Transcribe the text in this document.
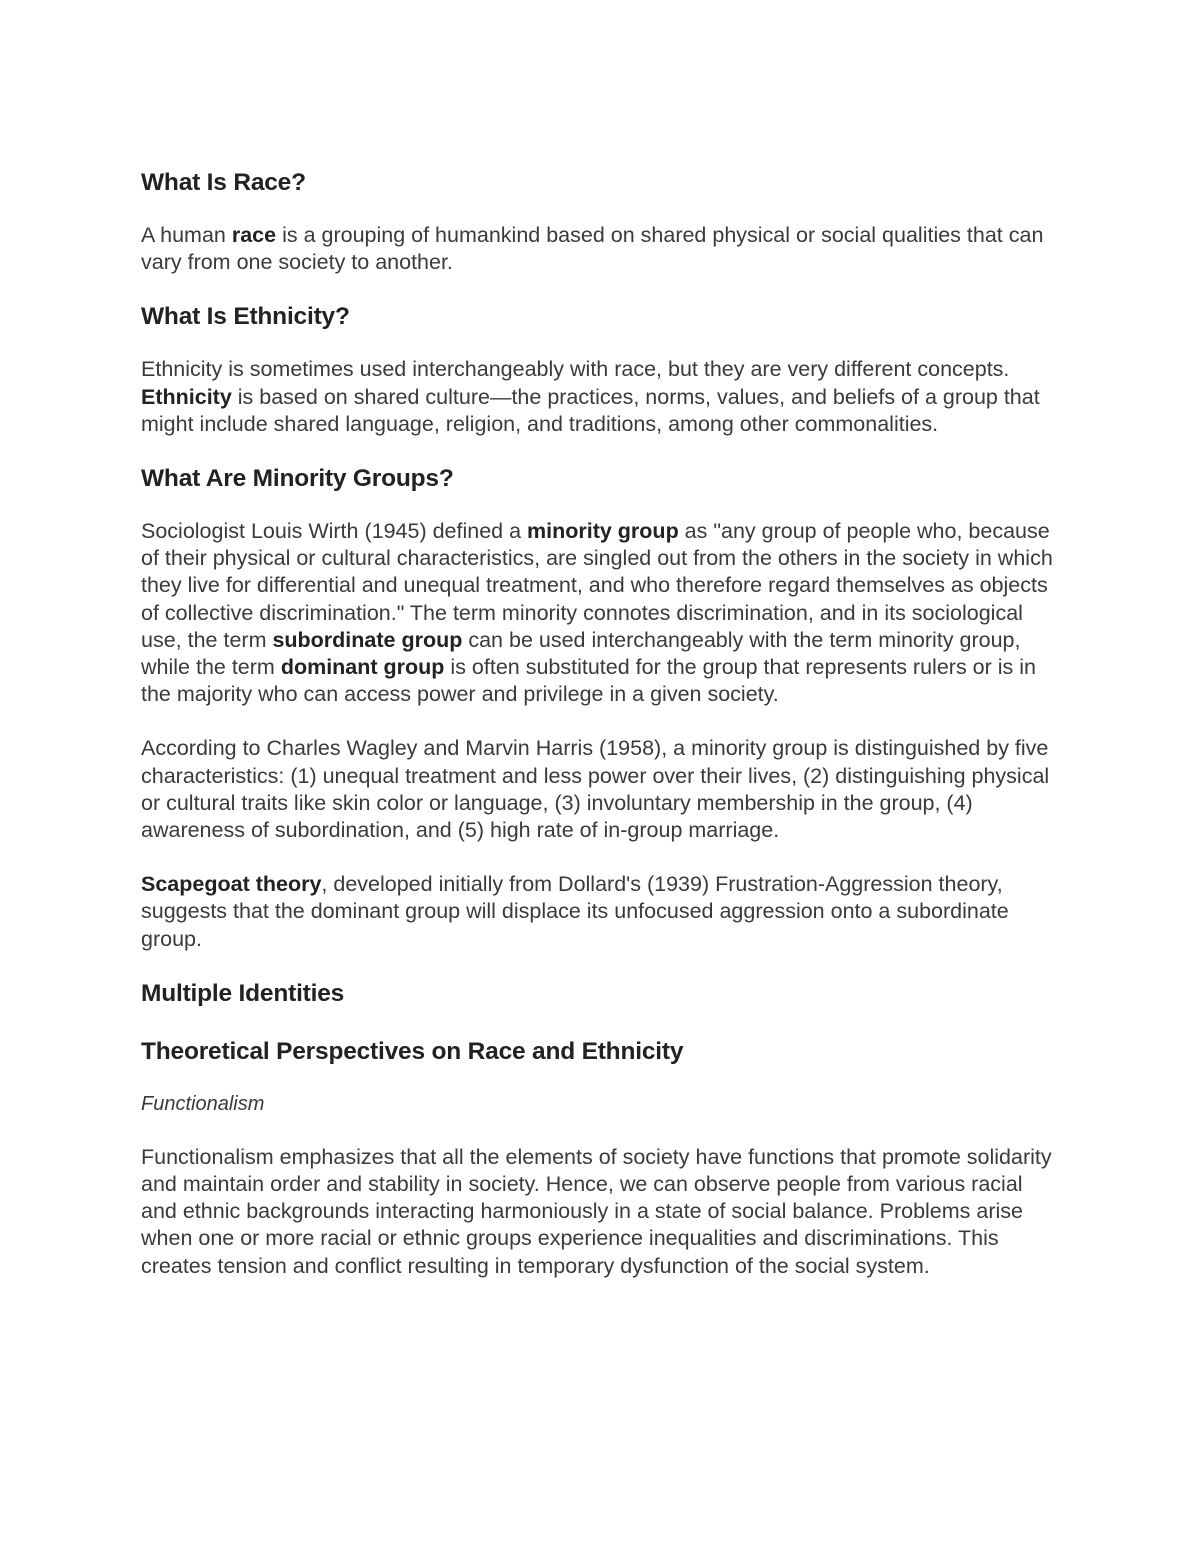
What Is Race?

A human race is a grouping of humankind based on shared physical or social qualities that can vary from one society to another.

What Is Ethnicity?

Ethnicity is sometimes used interchangeably with race, but they are very different concepts. Ethnicity is based on shared culture—the practices, norms, values, and beliefs of a group that might include shared language, religion, and traditions, among other commonalities.

What Are Minority Groups?

Sociologist Louis Wirth (1945) defined a minority group as "any group of people who, because of their physical or cultural characteristics, are singled out from the others in the society in which they live for differential and unequal treatment, and who therefore regard themselves as objects of collective discrimination." The term minority connotes discrimination, and in its sociological use, the term subordinate group can be used interchangeably with the term minority group, while the term dominant group is often substituted for the group that represents rulers or is in the majority who can access power and privilege in a given society.

According to Charles Wagley and Marvin Harris (1958), a minority group is distinguished by five characteristics: (1) unequal treatment and less power over their lives, (2) distinguishing physical or cultural traits like skin color or language, (3) involuntary membership in the group, (4) awareness of subordination, and (5) high rate of in-group marriage.

Scapegoat theory, developed initially from Dollard's (1939) Frustration-Aggression theory, suggests that the dominant group will displace its unfocused aggression onto a subordinate group.

Multiple Identities
Theoretical Perspectives on Race and Ethnicity

Functionalism

Functionalism emphasizes that all the elements of society have functions that promote solidarity and maintain order and stability in society. Hence, we can observe people from various racial and ethnic backgrounds interacting harmoniously in a state of social balance. Problems arise when one or more racial or ethnic groups experience inequalities and discriminations. This creates tension and conflict resulting in temporary dysfunction of the social system.
